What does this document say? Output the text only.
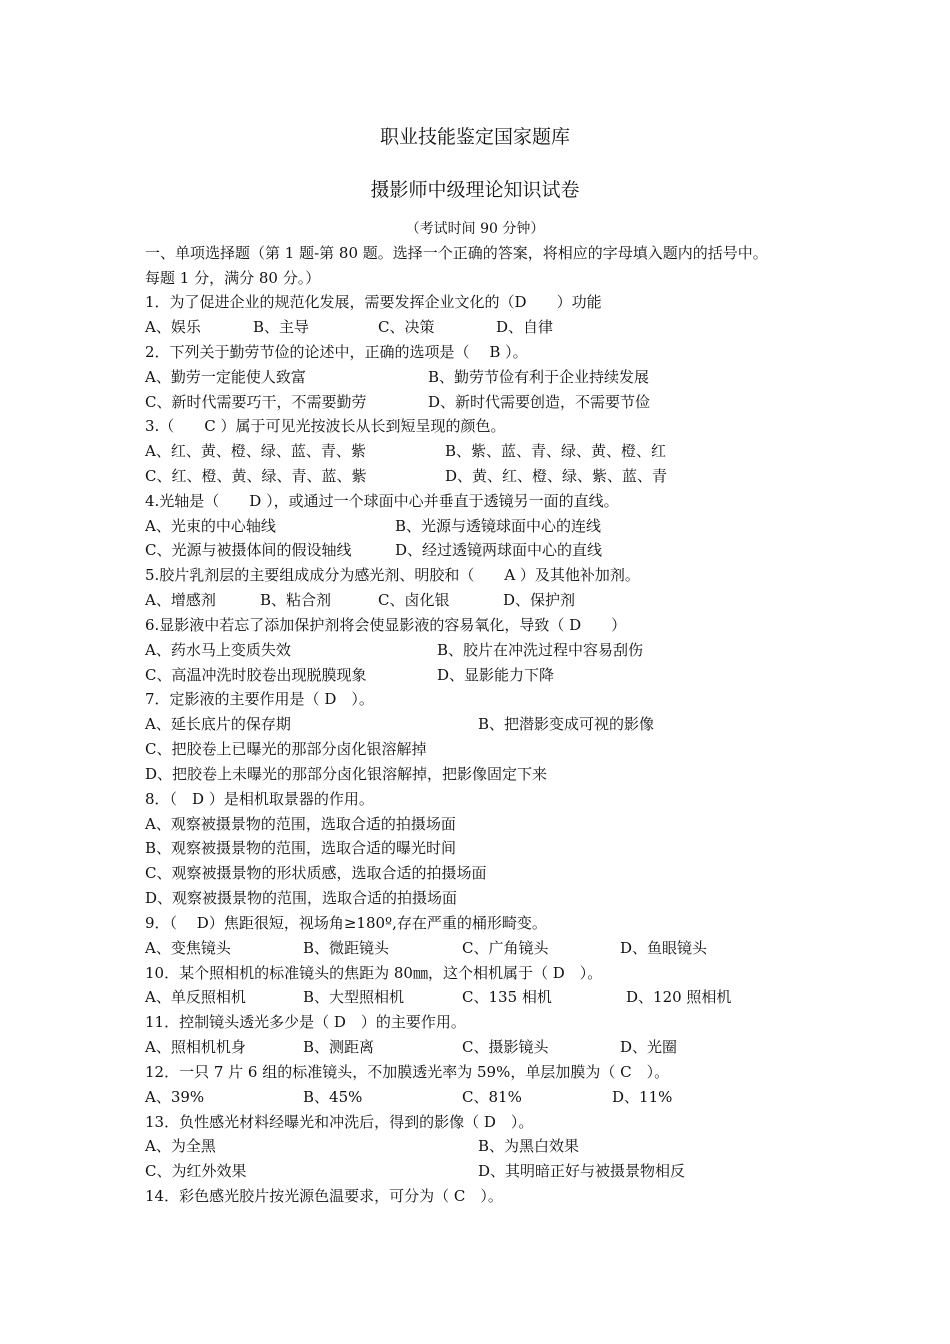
职业技能鉴定国家题库
摄影师中级理论知识试卷
（考试时间 90 分钟）
一、单项选择题（第 1 题-第 80 题。选择一个正确的答案，将相应的字母填入题内的括号中。
每题 1 分，满分 80 分。）
1．为了促进企业的规范化发展，需要发挥企业文化的（D　　）功能
A、娱乐	B、主导	C、决策	D、自律
2．下列关于勤劳节俭的论述中，正确的选项是（　 B ）。
A、勤劳一定能使人致富	B、勤劳节俭有利于企业持续发展
C、新时代需要巧干，不需要勤劳	D、新时代需要创造，不需要节俭
3.（　　C ）属于可见光按波长从长到短呈现的颜色。
A、红、黄、橙、绿、蓝、青、紫	B、紫、蓝、青、绿、黄、橙、红
C、红、橙、黄、绿、青、蓝、紫	D、黄、红、橙、绿、紫、蓝、青
4.光轴是（　　D ），或通过一个球面中心并垂直于透镜另一面的直线。
A、光束的中心轴线	B、光源与透镜球面中心的连线
C、光源与被摄体间的假设轴线	D、经过透镜两球面中心的直线
5.胶片乳剂层的主要组成成分为感光剂、明胶和（　　A ）及其他补加剂。
A、增感剂	B、粘合剂	C、卤化银	D、保护剂
6.显影液中若忘了添加保护剂将会使显影液的容易氧化，导致（ D　　）
A、药水马上变质失效	B、胶片在冲洗过程中容易刮伤
C、高温冲洗时胶卷出现脱膜现象	D、显影能力下降
7．定影液的主要作用是（ D　）。
A、延长底片的保存期	B、把潜影变成可视的影像
C、把胶卷上已曝光的那部分卤化银溶解掉
D、把胶卷上未曝光的那部分卤化银溶解掉，把影像固定下来
8．（　D ）是相机取景器的作用。
A、观察被摄景物的范围，选取合适的拍摄场面
B、观察被摄景物的范围，选取合适的曝光时间
C、观察被摄景物的形状质感，选取合适的拍摄场面
D、观察被摄景物的范围，选取合适的拍摄场面
9．（　 D）焦距很短，视场角≥180º,存在严重的桶形畸变。
A、变焦镜头	B、微距镜头	C、广角镜头	D、鱼眼镜头
10．某个照相机的标准镜头的焦距为 80㎜，这个相机属于（ D　）。
A、单反照相机	B、大型照相机	C、135 相机	D、120 照相机
11．控制镜头透光多少是（ D　）的主要作用。
A、照相机机身	B、测距离	C、摄影镜头	D、光圈
12．一只 7 片 6 组的标准镜头，不加膜透光率为 59%，单层加膜为（ C　）。
A、39%	B、45%	C、81%	D、11%
13．负性感光材料经曝光和冲洗后，得到的影像（ D　）。
A、为全黑	B、为黑白效果
C、为红外效果	D、其明暗正好与被摄景物相反
14．彩色感光胶片按光源色温要求，可分为（ C　）。
